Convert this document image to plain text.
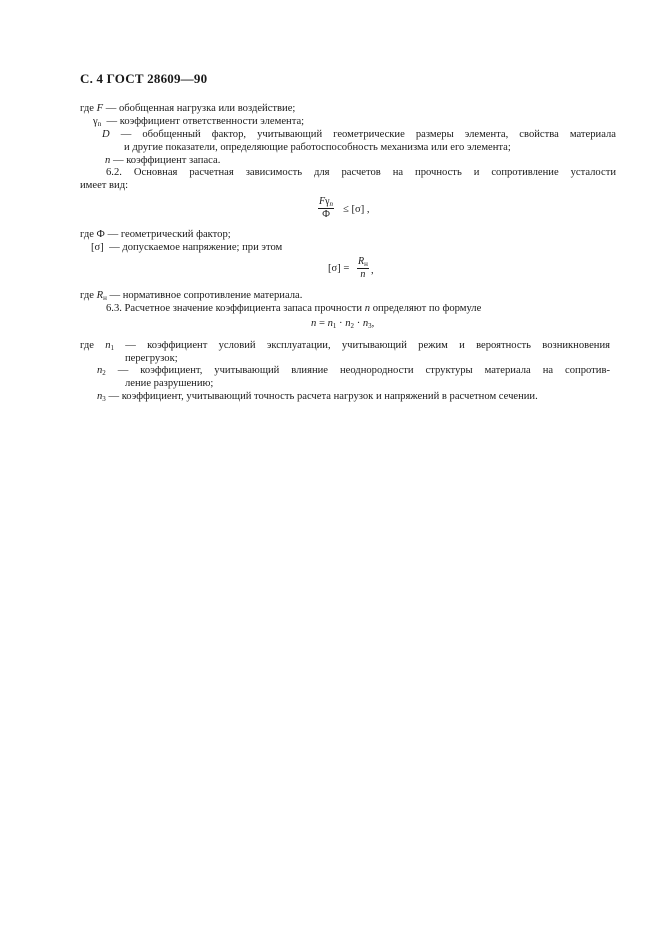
С. 4 ГОСТ 28609—90
где F — обобщенная нагрузка или воздействие;
$\gamma_n$ — коэффициент ответственности элемента;
D — обобщенный фактор, учитывающий геометрические размеры элемента, свойства материала
и другие показатели, определяющие работоспособность механизма или его элемента;
n — коэффициент запаса.
6.2. Основная расчетная зависимость для расчетов на прочность и сопротивление усталости
имеет вид:
$F\gamma_n$
Ф	≤ [σ] ,
где Ф — геометрический фактор;
[σ] — допускаемое напряжение; при этом
[σ] =
$R_н$
n ,
где $R_н$ — нормативное сопротивление материала.
6.3. Расчетное значение коэффициента запаса прочности n определяют по формуле
$n = n_1 \cdot n_2 \cdot n_3$,
где $n_1$ — коэффициент условий эксплуатации, учитывающий режим и вероятность возникновения
перегрузок;
$n_2$ — коэффициент, учитывающий влияние неоднородности структуры материала на сопротив-
ление разрушению;
$n_3$ — коэффициент, учитывающий точность расчета нагрузок и напряжений в расчетном сечении.
